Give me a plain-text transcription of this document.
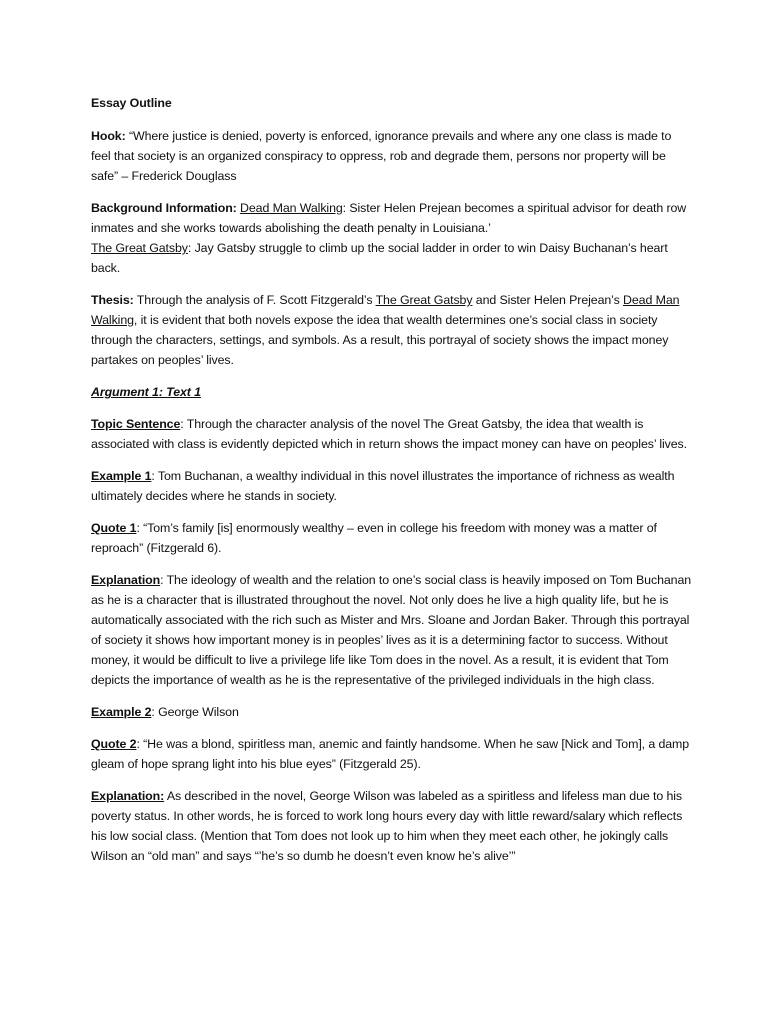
Essay Outline

Hook: “Where justice is denied, poverty is enforced, ignorance prevails and where any one class is made to feel that society is an organized conspiracy to oppress, rob and degrade them, persons nor property will be safe” – Frederick Douglass

Background Information: Dead Man Walking: Sister Helen Prejean becomes a spiritual advisor for death row inmates and she works towards abolishing the death penalty in Louisiana.’

The Great Gatsby: Jay Gatsby struggle to climb up the social ladder in order to win Daisy Buchanan’s heart back.

Thesis: Through the analysis of F. Scott Fitzgerald’s The Great Gatsby and Sister Helen Prejean’s Dead Man Walking, it is evident that both novels expose the idea that wealth determines one’s social class in society through the characters, settings, and symbols. As a result, this portrayal of society shows the impact money partakes on peoples’ lives.

Argument 1: Text 1

Topic Sentence: Through the character analysis of the novel The Great Gatsby, the idea that wealth is associated with class is evidently depicted which in return shows the impact money can have on peoples’ lives.

Example 1: Tom Buchanan, a wealthy individual in this novel illustrates the importance of richness as wealth ultimately decides where he stands in society.

Quote 1: “Tom’s family [is] enormously wealthy – even in college his freedom with money was a matter of reproach” (Fitzgerald 6).

Explanation: The ideology of wealth and the relation to one’s social class is heavily imposed on Tom Buchanan as he is a character that is illustrated throughout the novel. Not only does he live a high quality life, but he is automatically associated with the rich such as Mister and Mrs. Sloane and Jordan Baker. Through this portrayal of society it shows how important money is in peoples’ lives as it is a determining factor to success. Without money, it would be difficult to live a privilege life like Tom does in the novel. As a result, it is evident that Tom depicts the importance of wealth as he is the representative of the privileged individuals in the high class.

Example 2: George Wilson

Quote 2: “He was a blond, spiritless man, anemic and faintly handsome. When he saw [Nick and Tom], a damp gleam of hope sprang light into his blue eyes” (Fitzgerald 25).

Explanation: As described in the novel, George Wilson was labeled as a spiritless and lifeless man due to his poverty status. In other words, he is forced to work long hours every day with little reward/salary which reflects his low social class. (Mention that Tom does not look up to him when they meet each other, he jokingly calls Wilson an “old man” and says “’he’s so dumb he doesn’t even know he’s alive’”
